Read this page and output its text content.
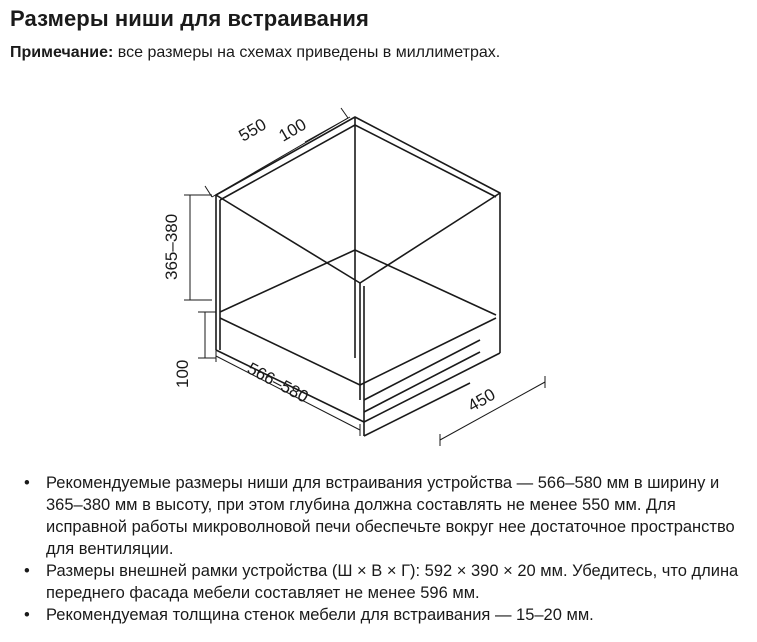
Размеры ниши для встраивания
Примечание: все размеры на схемах приведены в миллиметрах.
550 100
365–380
100	566–580	450
• Рекомендуемые размеры ниши для встраивания устройства — 566–580 мм в ширину и 365–380 мм в высоту, при этом глубина должна составлять не менее 550 мм. Для исправной работы микроволновой печи обеспечьте вокруг нее достаточное пространство для вентиляции.
• Размеры внешней рамки устройства (Ш × В × Г): 592 × 390 × 20 мм. Убедитесь, что длина переднего фасада мебели составляет не менее 596 мм.
• Рекомендуемая толщина стенок мебели для встраивания — 15–20 мм.
